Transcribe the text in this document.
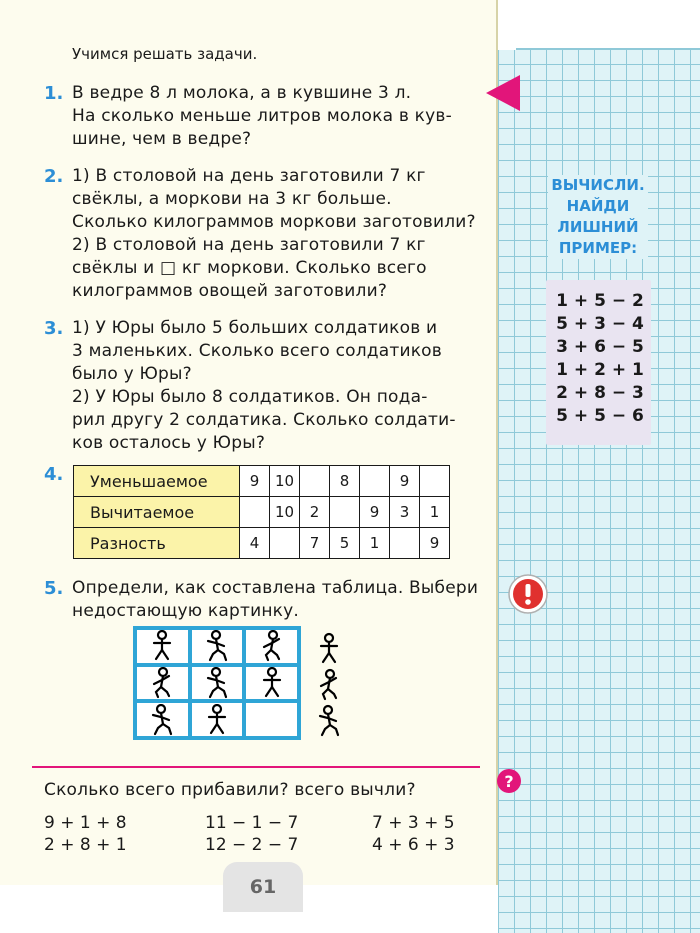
Учимся решать задачи.
1. В ведре 8 л молока, а в кувшине 3 л.
На сколько меньше литров молока в кув-
шине, чем в ведре?
2. 1) В столовой на день заготовили 7 кг
свёклы, а моркови на 3 кг больше.
Сколько килограммов моркови заготовили?
2) В столовой на день заготовили 7 кг
свёклы и □ кг моркови. Сколько всего
килограммов овощей заготовили?
3. 1) У Юры было 5 больших солдатиков и
3 маленьких. Сколько всего солдатиков
было у Юры?
2) У Юры было 8 солдатиков. Он пода-
рил другу 2 солдатика. Сколько солдати-
ков осталось у Юры?
4. Уменьшаемое	9	10		8		9	
Вычитаемое		10	2		9	3	1
Разность	4		7	5	1		9
5. Определи, как составлена таблица. Выбери
недостающую картинку.
ВЫЧИСЛИ.
НАЙДИ
ЛИШНИЙ
ПРИМЕР:
1 + 5 − 2
5 + 3 − 4
3 + 6 − 5
1 + 2 + 1
2 + 8 − 3
5 + 5 − 6
?
Сколько всего прибавили? всего вычли?
9 + 1 + 8
2 + 8 + 1
11 − 1 − 7
12 − 2 − 7
7 + 3 + 5
4 + 6 + 3
61
